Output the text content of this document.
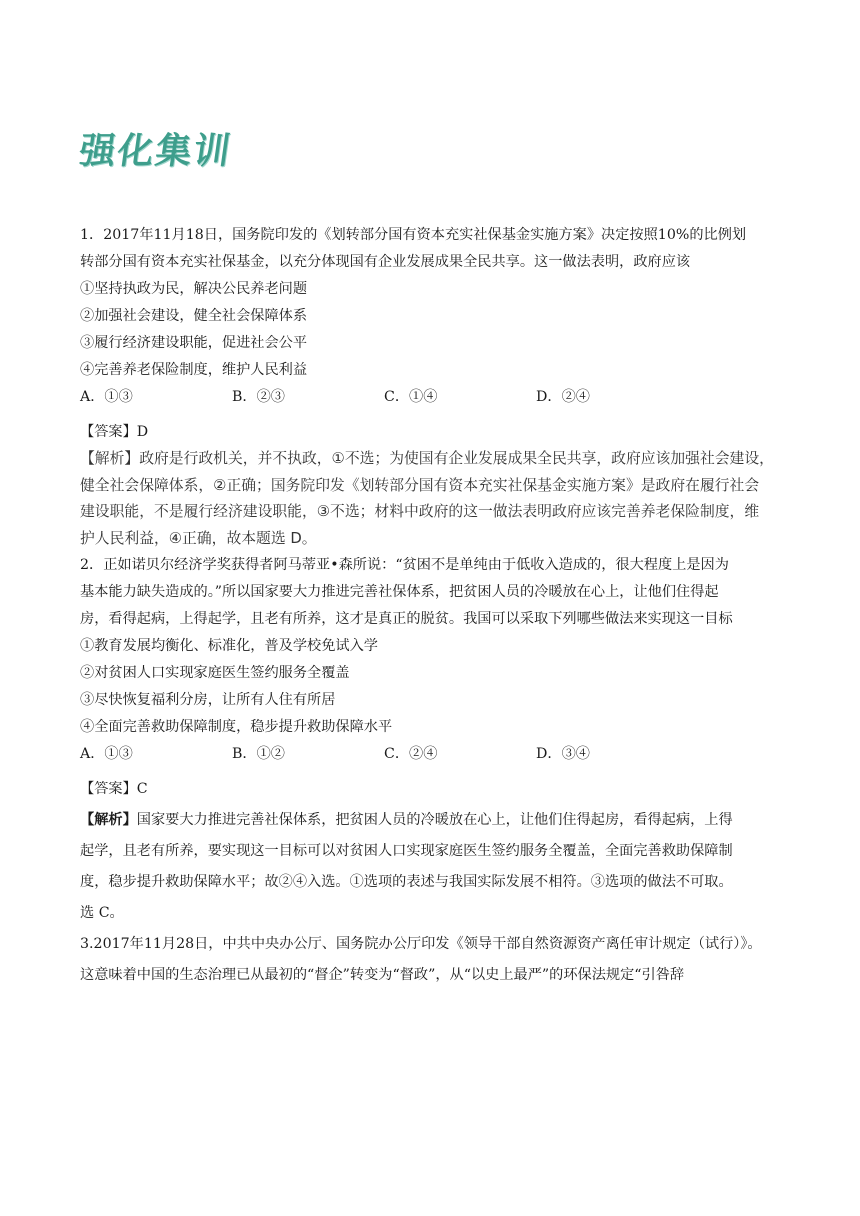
强化集训
1．2017年11月18日，国务院印发的《划转部分国有资本充实社保基金实施方案》决定按照10%的比例划
转部分国有资本充实社保基金，以充分体现国有企业发展成果全民共享。这一做法表明，政府应该
①坚持执政为民，解决公民养老问题
②加强社会建设，健全社会保障体系
③履行经济建设职能，促进社会公平
④完善养老保险制度，维护人民利益
A．①③	B．②③	C．①④	D．②④
【答案】D
【解析】政府是行政机关，并不执政，①不选；为使国有企业发展成果全民共享，政府应该加强社会建设，
健全社会保障体系，②正确；国务院印发《划转部分国有资本充实社保基金实施方案》是政府在履行社会
建设职能，不是履行经济建设职能，③不选；材料中政府的这一做法表明政府应该完善养老保险制度，维
护人民利益，④正确，故本题选 D。
2．正如诺贝尔经济学奖获得者阿马蒂亚•森所说：“贫困不是单纯由于低收入造成的，很大程度上是因为
基本能力缺失造成的。”所以国家要大力推进完善社保体系，把贫困人员的冷暖放在心上，让他们住得起
房，看得起病，上得起学，且老有所养，这才是真正的脱贫。我国可以采取下列哪些做法来实现这一目标
①教育发展均衡化、标准化，普及学校免试入学
②对贫困人口实现家庭医生签约服务全覆盖
③尽快恢复福利分房，让所有人住有所居
④全面完善救助保障制度，稳步提升救助保障水平
A．①③	B．①②	C．②④	D．③④
【答案】C
【解析】国家要大力推进完善社保体系，把贫困人员的冷暖放在心上，让他们住得起房，看得起病，上得
起学，且老有所养，要实现这一目标可以对贫困人口实现家庭医生签约服务全覆盖，全面完善救助保障制
度，稳步提升救助保障水平；故②④入选。①选项的表述与我国实际发展不相符。③选项的做法不可取。
选 C。
3.2017年11月28日，中共中央办公厅、国务院办公厅印发《领导干部自然资源资产离任审计规定（试行）》。
这意味着中国的生态治理已从最初的“督企”转变为“督政”，从“以史上最严”的环保法规定“引咎辞
